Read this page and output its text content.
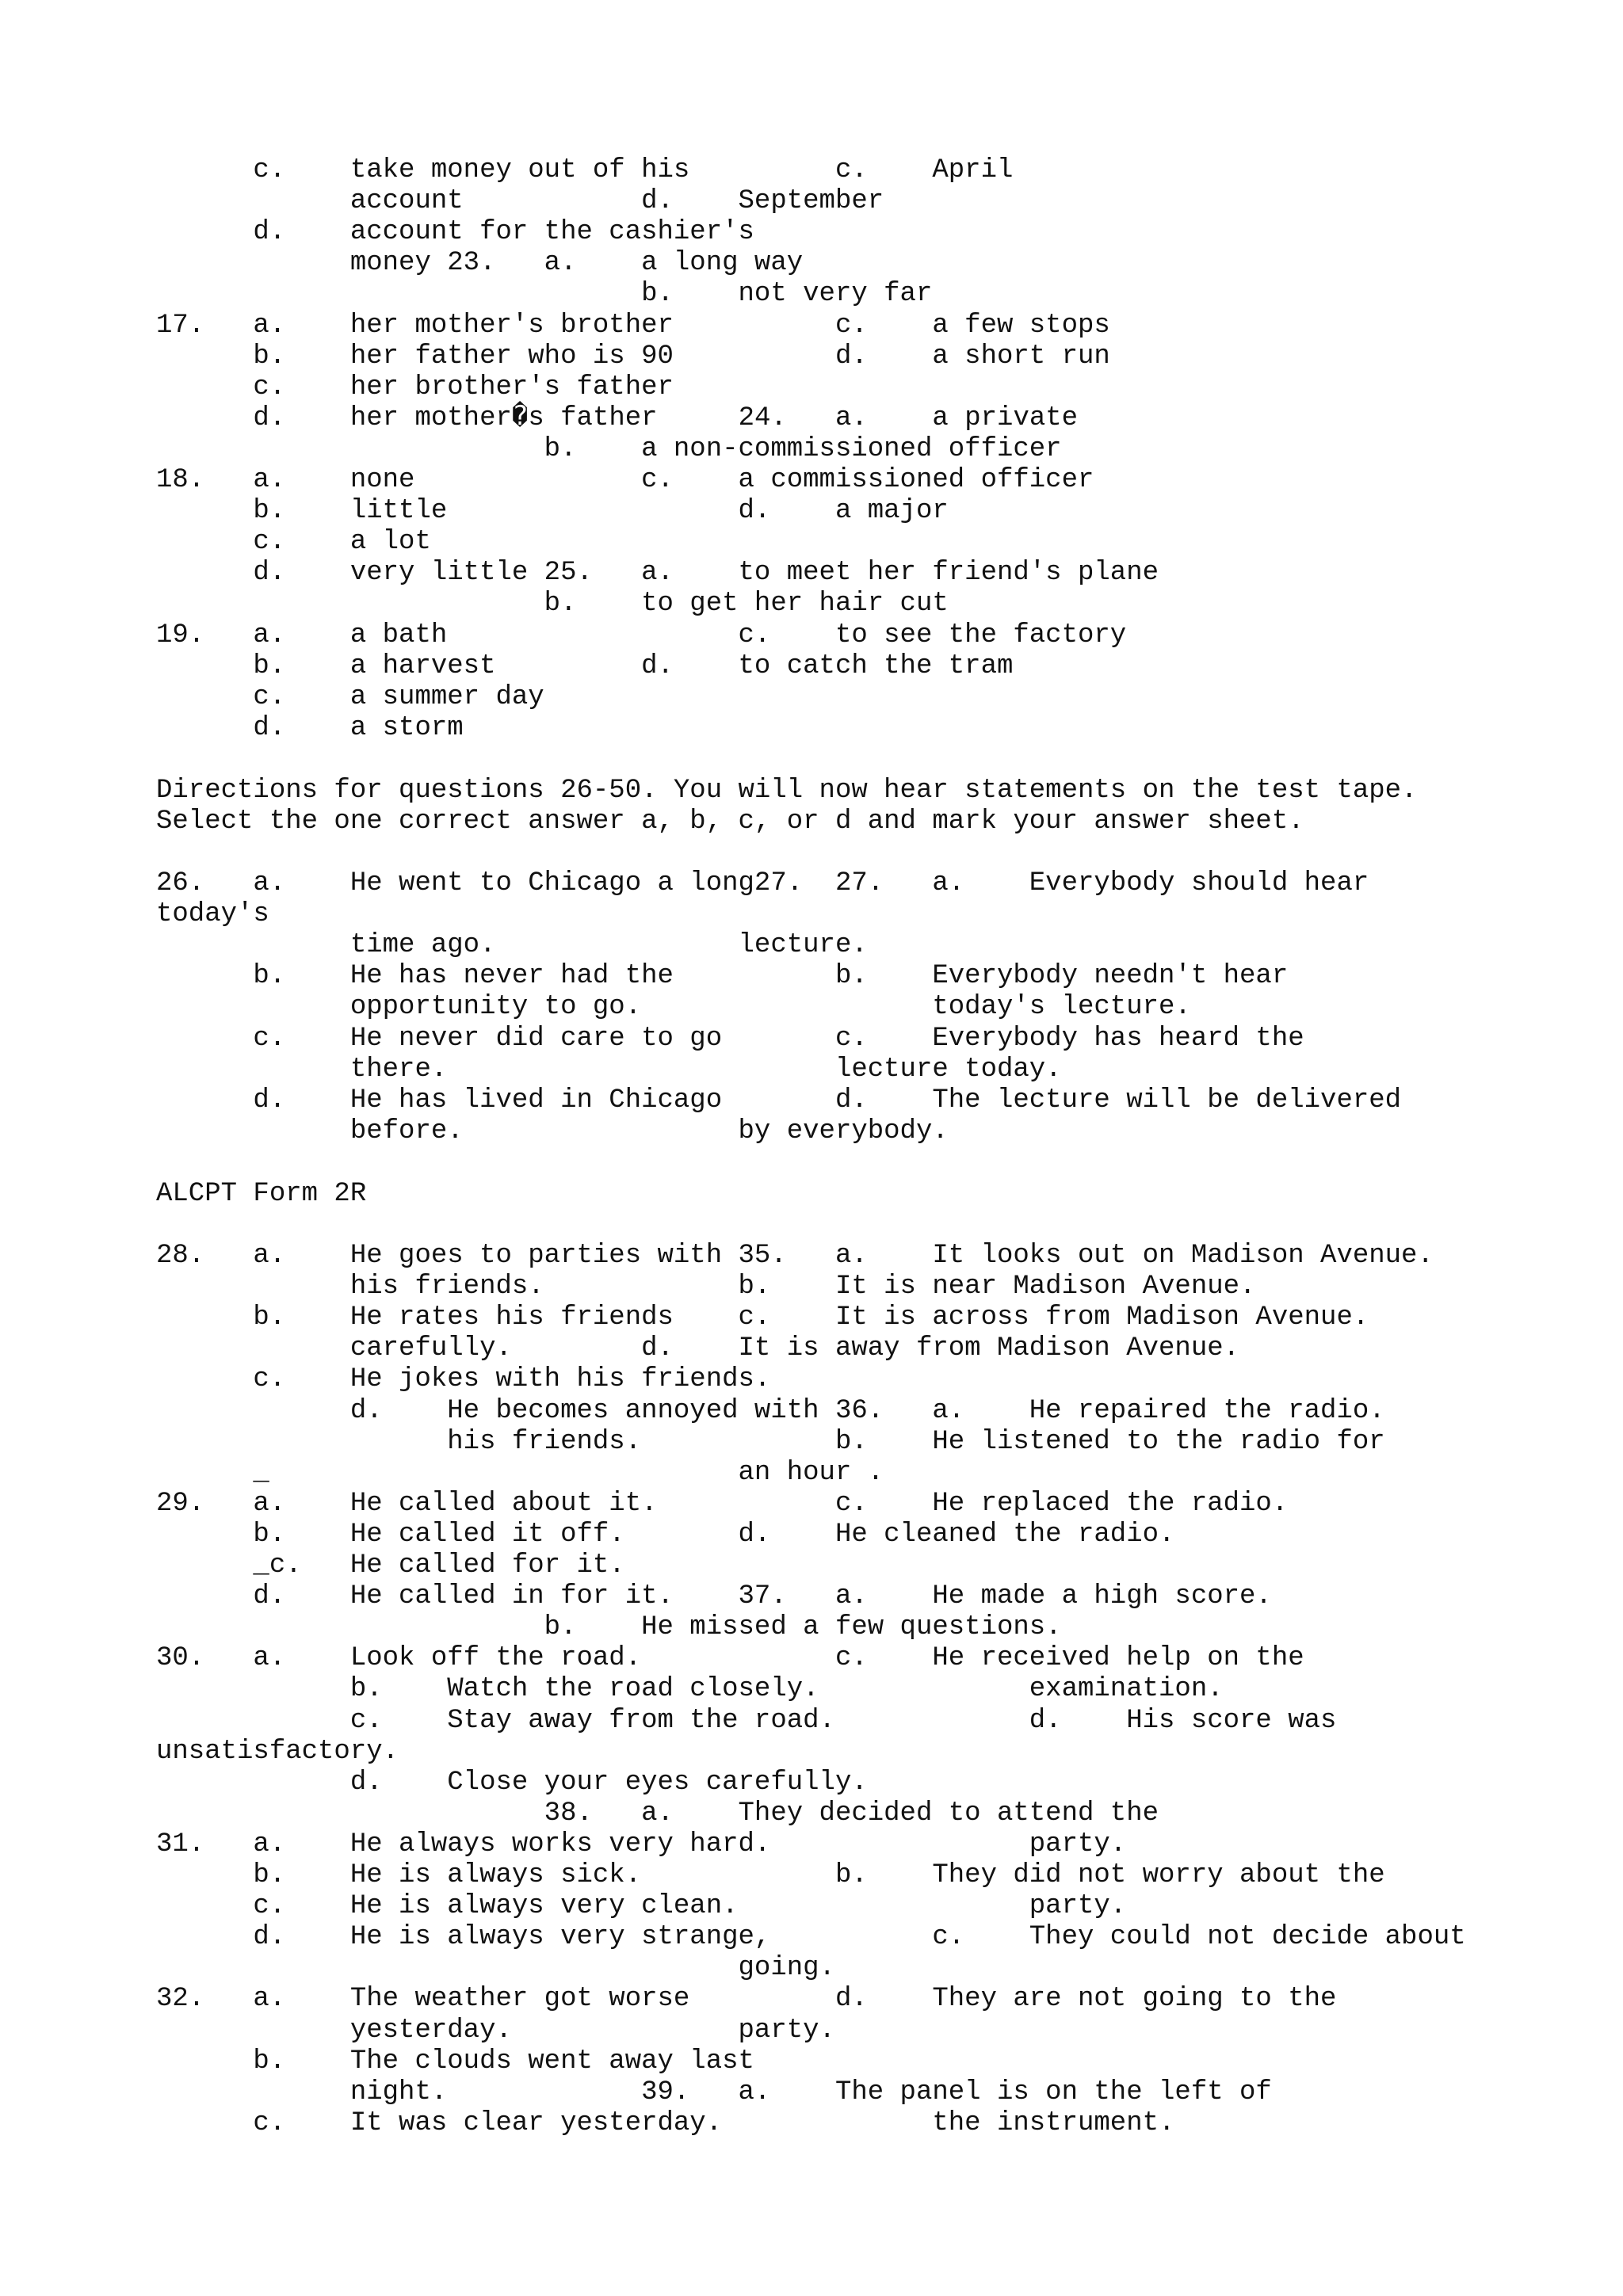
c.    take money out of his         c.    April
account           d.    September
d.    account for the cashier's
money 23.   a.    a long way
b.    not very far
17.   a.    her mother's brother          c.    a few stops
b.    her father who is 90          d.    a short run
c.    her brother's father
d.    her mother�s father     24.   a.    a private
b.    a non-commissioned officer
18.   a.    none              c.    a commissioned officer
b.    little                  d.    a major
c.    a lot
d.    very little 25.   a.    to meet her friend's plane
b.    to get her hair cut
19.   a.    a bath                  c.    to see the factory
b.    a harvest         d.    to catch the tram
c.    a summer day
d.    a storm
Directions for questions 26-50. You will now hear statements on the test tape.
Select the one correct answer a, b, c, or d and mark your answer sheet.
26.   a.    He went to Chicago a long27.  27.   a.    Everybody should hear
today's
time ago.               lecture.
b.    He has never had the          b.    Everybody needn't hear
opportunity to go.                  today's lecture.
c.    He never did care to go       c.    Everybody has heard the
there.                        lecture today.
d.    He has lived in Chicago       d.    The lecture will be delivered
before.                 by everybody.
ALCPT Form 2R
28.   a.    He goes to parties with 35.   a.    It looks out on Madison Avenue.
his friends.            b.    It is near Madison Avenue.
b.    He rates his friends    c.    It is across from Madison Avenue.
carefully.        d.    It is away from Madison Avenue.
c.    He jokes with his friends.
d.    He becomes annoyed with 36.   a.    He repaired the radio.
his friends.            b.    He listened to the radio for
_                             an hour .
29.   a.    He called about it.           c.    He replaced the radio.
b.    He called it off.       d.    He cleaned the radio.
_c.   He called for it.
d.    He called in for it.    37.   a.    He made a high score.
b.    He missed a few questions.
30.   a.    Look off the road.            c.    He received help on the
b.    Watch the road closely.             examination.
c.    Stay away from the road.            d.    His score was
unsatisfactory.
d.    Close your eyes carefully.
38.   a.    They decided to attend the
31.   a.    He always works very hard.                party.
b.    He is always sick.            b.    They did not worry about the
c.    He is always very clean.                  party.
d.    He is always very strange,          c.    They could not decide about
going.
32.   a.    The weather got worse         d.    They are not going to the
yesterday.              party.
b.    The clouds went away last
night.            39.   a.    The panel is on the left of
c.    It was clear yesterday.             the instrument.
